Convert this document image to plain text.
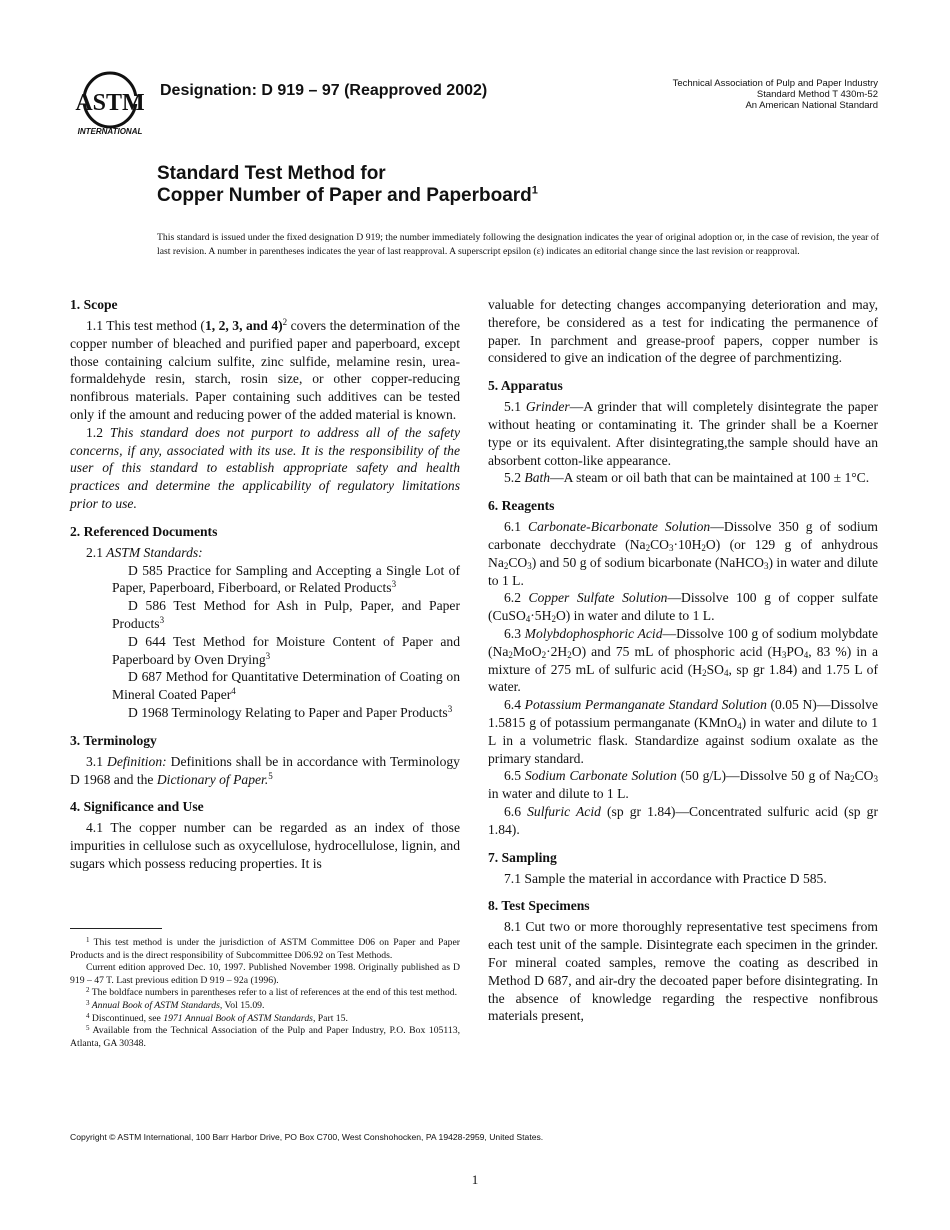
ASTM
INTERNATIONAL
Designation: D 919 – 97 (Reapproved 2002)	Technical Association of Pulp and Paper Industry
Standard Method T 430m-52
An American National Standard
Standard Test Method for
Copper Number of Paper and Paperboard$^1$
This standard is issued under the fixed designation D 919; the number immediately following the designation indicates the year of original adoption or, in the case of revision, the year of last revision. A number in parentheses indicates the year of last reapproval. A superscript epsilon (ε) indicates an editorial change since the last revision or reapproval.
1. Scope

1.1 This test method (1, 2, 3, and 4)$^2$ covers the determination of the copper number of bleached and purified paper and paperboard, except those containing calcium sulfite, zinc sulfide, melamine resin, urea-formaldehyde resin, starch, rosin size, or other copper-reducing nonfibrous materials. Paper containing such additives can be tested only if the amount and reducing power of the added material is known.

1.2 This standard does not purport to address all of the safety concerns, if any, associated with its use. It is the responsibility of the user of this standard to establish appropriate safety and health practices and determine the applicability of regulatory limitations prior to use.

2. Referenced Documents

2.1 ASTM Standards:

D 585 Practice for Sampling and Accepting a Single Lot of Paper, Paperboard, Fiberboard, or Related Products$^3$

D 586 Test Method for Ash in Pulp, Paper, and Paper Products$^3$

D 644 Test Method for Moisture Content of Paper and Paperboard by Oven Drying$^3$

D 687 Method for Quantitative Determination of Coating on Mineral Coated Paper$^4$

D 1968 Terminology Relating to Paper and Paper Products$^3$

3. Terminology

3.1 Definition: Definitions shall be in accordance with Terminology D 1968 and the Dictionary of Paper.$^5$

4. Significance and Use

4.1 The copper number can be regarded as an index of those impurities in cellulose such as oxycellulose, hydrocellulose, lignin, and sugars which possess reducing properties. It is

$^1$ This test method is under the jurisdiction of ASTM Committee D06 on Paper and Paper Products and is the direct responsibility of Subcommittee D06.92 on Test Methods.

Current edition approved Dec. 10, 1997. Published November 1998. Originally published as D 919 – 47 T. Last previous edition D 919 – 92a (1996).

$^2$ The boldface numbers in parentheses refer to a list of references at the end of this test method.

$^3$ Annual Book of ASTM Standards, Vol 15.09.

$^4$ Discontinued, see 1971 Annual Book of ASTM Standards, Part 15.

$^5$ Available from the Technical Association of the Pulp and Paper Industry, P.O. Box 105113, Atlanta, GA 30348.

valuable for detecting changes accompanying deterioration and may, therefore, be considered as a test for indicating the permanence of paper. In parchment and grease-proof papers, copper number is considered to give an indication of the degree of parchmentizing.

5. Apparatus

5.1 Grinder—A grinder that will completely disintegrate the paper without heating or contaminating it. The grinder shall be a Koerner type or its equivalent. After disintegrating,the sample should have an absorbent cotton-like appearance.

5.2 Bath—A steam or oil bath that can be maintained at 100 ± 1°C.

6. Reagents

6.1 Carbonate-Bicarbonate Solution—Dissolve 350 g of sodium carbonate decchydrate $(Na_2CO_3\cdot 10H_2O)$ (or 129 g of anhydrous $Na_2CO_3$) and 50 g of sodium bicarbonate (NaHCO$_3$) in water and dilute to 1 L.

6.2 Copper Sulfate Solution—Dissolve 100 g of copper sulfate $(CuSO_4\cdot 5H_2O)$ in water and dilute to 1 L.

6.3 Molybdophosphoric Acid—Dissolve 100 g of sodium molybdate $(Na_2MoO_2\cdot 2H_2O)$ and 75 mL of phosphoric acid ($H_3PO_4$, 83 %) in a mixture of 275 mL of sulfuric acid ($H_2SO_4$, sp gr 1.84) and 1.75 L of water.

6.4 Potassium Permanganate Standard Solution (0.05 N)—Dissolve 1.5815 g of potassium permanganate (KMnO$_4$) in water and dilute to 1 L in a volumetric flask. Standardize against sodium oxalate as the primary standard.

6.5 Sodium Carbonate Solution (50 g/L)—Dissolve 50 g of $Na_2CO_3$ in water and dilute to 1 L.

6.6 Sulfuric Acid (sp gr 1.84)—Concentrated sulfuric acid (sp gr 1.84).

7. Sampling

7.1 Sample the material in accordance with Practice D 585.

8. Test Specimens

8.1 Cut two or more thoroughly representative test specimens from each test unit of the sample. Disintegrate each specimen in the grinder. For mineral coated samples, remove the coating as described in Method D 687, and air-dry the decoated paper before disintegrating. In the absence of knowledge regarding the respective nonfibrous materials present,

Copyright © ASTM International, 100 Barr Harbor Drive, PO Box C700, West Conshohocken, PA 19428-2959, United States.
1
